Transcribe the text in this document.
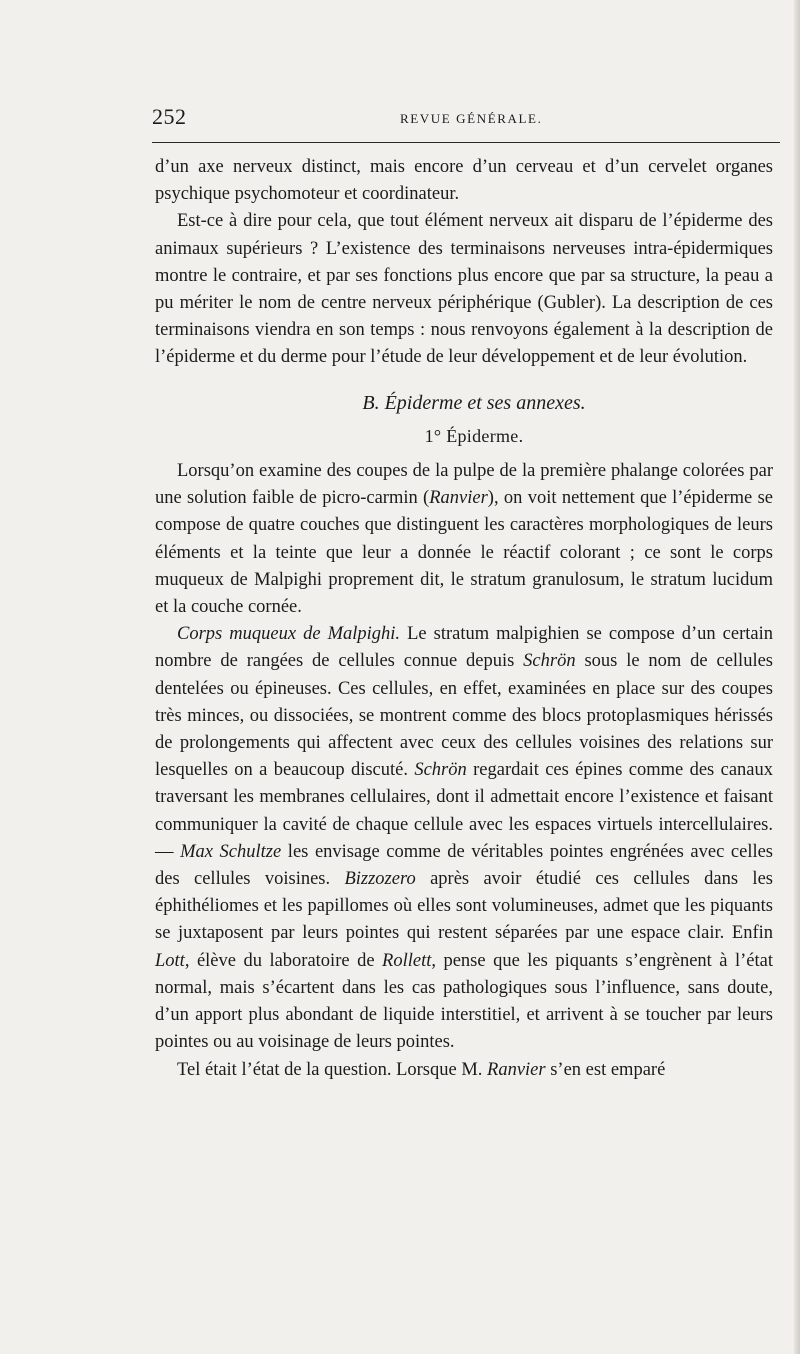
252	REVUE GÉNÉRALE.

d’un axe nerveux distinct, mais encore d’un cerveau et d’un cervelet organes psychique psychomoteur et coordinateur.

Est-ce à dire pour cela, que tout élément nerveux ait disparu de l’épiderme des animaux supérieurs ? L’existence des terminaisons nerveuses intra-épidermiques montre le contraire, et par ses fonctions plus encore que par sa structure, la peau a pu mériter le nom de centre nerveux périphérique (Gubler). La description de ces terminaisons viendra en son temps : nous renvoyons également à la description de l’épiderme et du derme pour l’étude de leur développement et de leur évolution.

B. Épiderme et ses annexes.

1° Épiderme.

Lorsqu’on examine des coupes de la pulpe de la première phalange colorées par une solution faible de picro-carmin (Ranvier), on voit nettement que l’épiderme se compose de quatre couches que distinguent les caractères morphologiques de leurs éléments et la teinte que leur a donnée le réactif colorant ; ce sont le corps muqueux de Malpighi proprement dit, le stratum granulosum, le stratum lucidum et la couche cornée.

Corps muqueux de Malpighi. Le stratum malpighien se compose d’un certain nombre de rangées de cellules connue depuis Schrön sous le nom de cellules dentelées ou épineuses. Ces cellules, en effet, examinées en place sur des coupes très minces, ou dissociées, se montrent comme des blocs protoplasmiques hérissés de prolongements qui affectent avec ceux des cellules voisines des relations sur lesquelles on a beaucoup discuté. Schrön regardait ces épines comme des canaux traversant les membranes cellulaires, dont il admettait encore l’existence et faisant communiquer la cavité de chaque cellule avec les espaces virtuels intercellulaires. — Max Schultze les envisage comme de véritables pointes engrénées avec celles des cellules voisines. Bizzozero après avoir étudié ces cellules dans les éphithéliomes et les papillomes où elles sont volumineuses, admet que les piquants se juxtaposent par leurs pointes qui restent séparées par une espace clair. Enfin Lott, élève du laboratoire de Rollett, pense que les piquants s’engrènent à l’état normal, mais s’écartent dans les cas pathologiques sous l’influence, sans doute, d’un apport plus abondant de liquide interstitiel, et arrivent à se toucher par leurs pointes ou au voisinage de leurs pointes.

Tel était l’état de la question. Lorsque M. Ranvier s’en est emparé
